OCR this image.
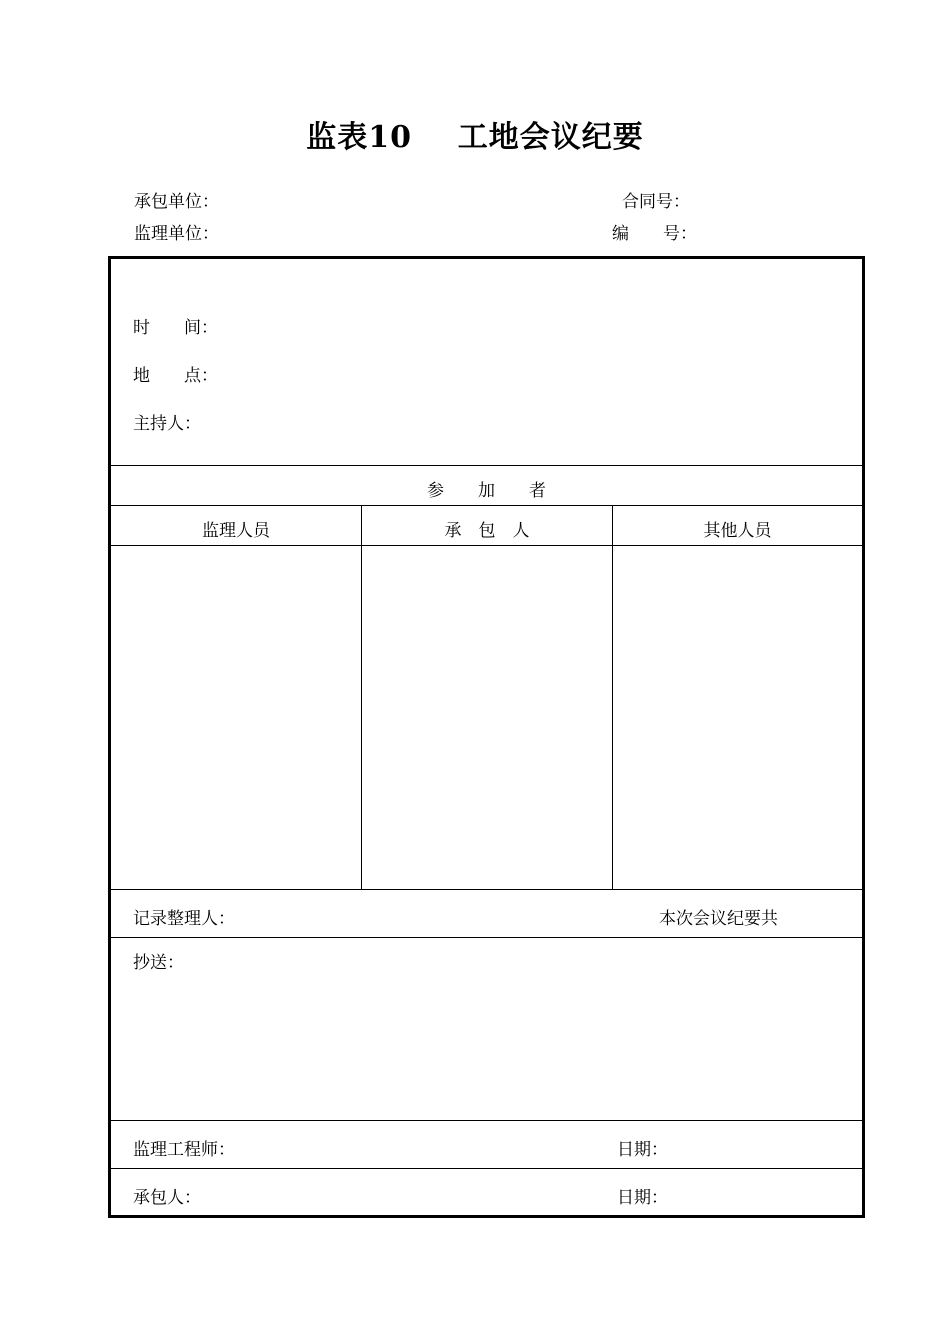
监表10    工地会议纪要
承包单位：	合同号：
监理单位：	编　　号：
时　　间：
地　　点：
主持人：
参　　加　　者
监理人员	承　包　人	其他人员
记录整理人：	本次会议纪要共
抄送：
监理工程师：	日期：
承包人：	日期：
